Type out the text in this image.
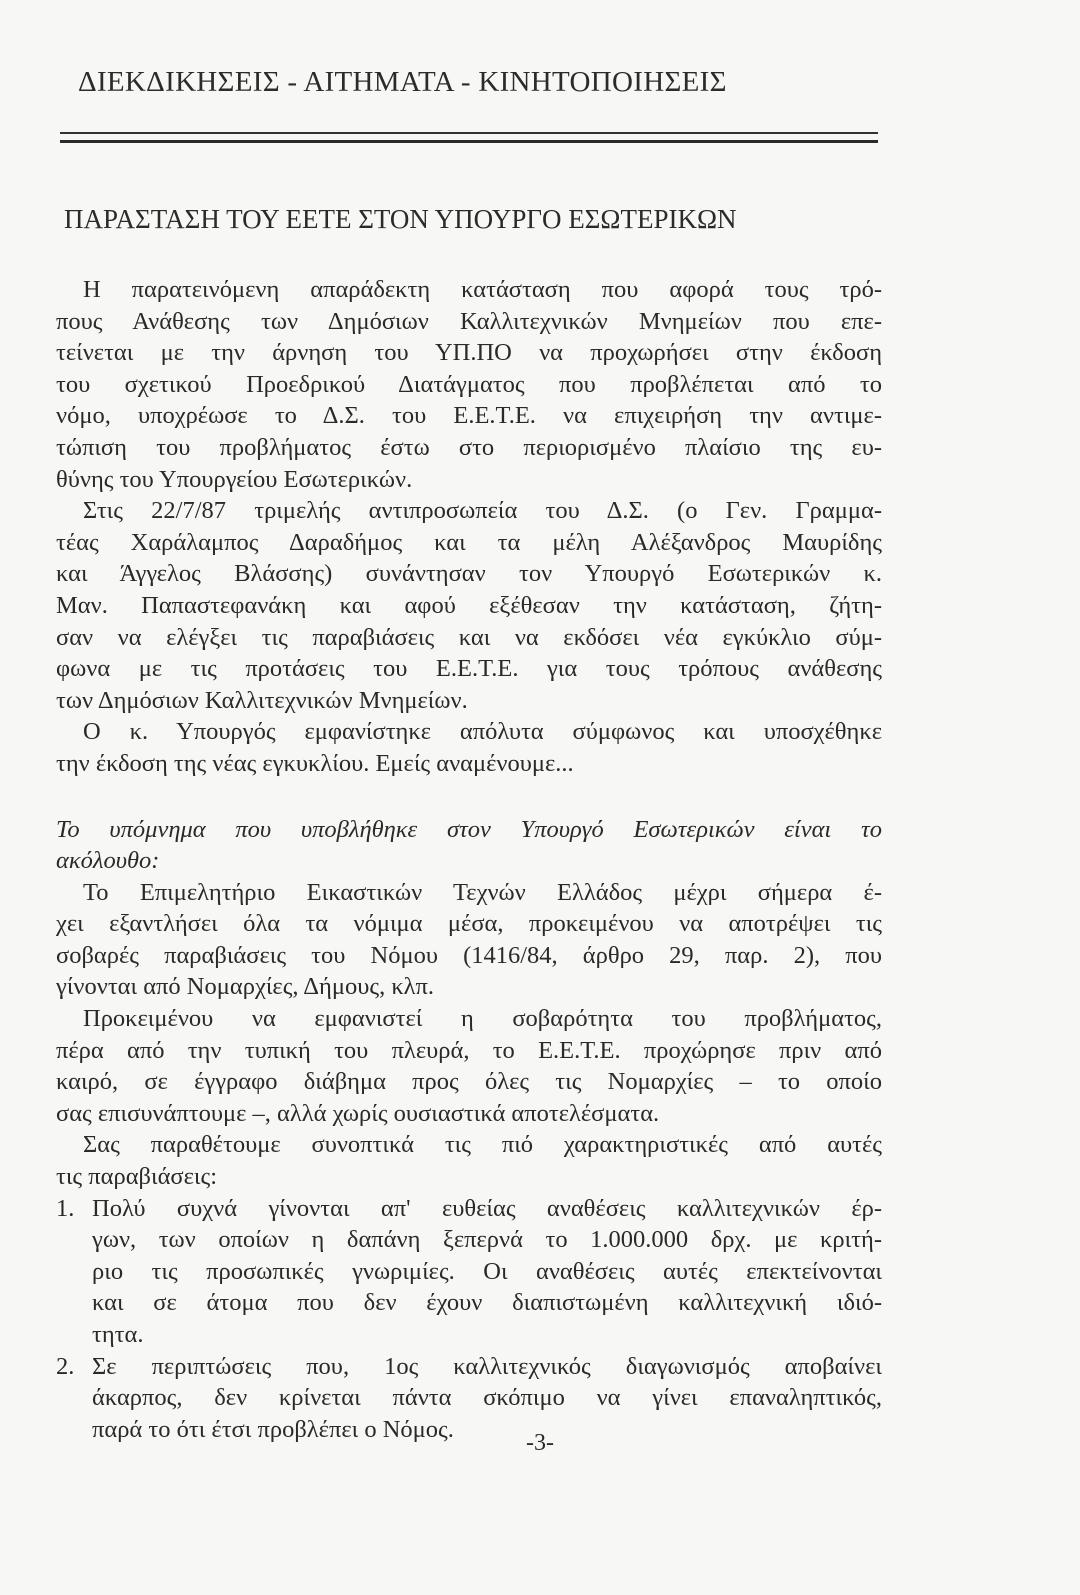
ΔΙΕΚΔΙΚΗΣΕΙΣ - ΑΙΤΗΜΑΤΑ - ΚΙΝΗΤΟΠΟΙΗΣΕΙΣ
ΠΑΡΑΣΤΑΣΗ ΤΟΥ ΕΕΤΕ ΣΤΟΝ ΥΠΟΥΡΓΟ ΕΣΩΤΕΡΙΚΩΝ
Η παρατεινόμενη απαράδεκτη κατάσταση που αφορά τους τρό-
πους Ανάθεσης των Δημόσιων Καλλιτεχνικών Μνημείων που επε-
τείνεται με την άρνηση του ΥΠ.ΠΟ να προχωρήσει στην έκδοση
του σχετικού Προεδρικού Διατάγματος που προβλέπεται από το
νόμο, υποχρέωσε το Δ.Σ. του Ε.Ε.Τ.Ε. να επιχειρήση την αντιμε-
τώπιση του προβλήματος έστω στο περιορισμένο πλαίσιο της ευ-
θύνης του Υπουργείου Εσωτερικών.
Στις 22/7/87 τριμελής αντιπροσωπεία του Δ.Σ. (ο Γεν. Γραμμα-
τέας Χαράλαμπος Δαραδήμος και τα μέλη Αλέξανδρος Μαυρίδης
και Άγγελος Βλάσσης) συνάντησαν τον Υπουργό Εσωτερικών κ.
Μαν. Παπαστεφανάκη και αφού εξέθεσαν την κατάσταση, ζήτη-
σαν να ελέγξει τις παραβιάσεις και να εκδόσει νέα εγκύκλιο σύμ-
φωνα με τις προτάσεις του Ε.Ε.Τ.Ε. για τους τρόπους ανάθεσης
των Δημόσιων Καλλιτεχνικών Μνημείων.
Ο κ. Υπουργός εμφανίστηκε απόλυτα σύμφωνος και υποσχέθηκε
την έκδοση της νέας εγκυκλίου. Εμείς αναμένουμε...
Το υπόμνημα που υποβλήθηκε στον Υπουργό Εσωτερικών είναι το
ακόλουθο:
Το Επιμελητήριο Εικαστικών Τεχνών Ελλάδος μέχρι σήμερα έ-
χει εξαντλήσει όλα τα νόμιμα μέσα, προκειμένου να αποτρέψει τις
σοβαρές παραβιάσεις του Νόμου (1416/84, άρθρο 29, παρ. 2), που
γίνονται από Νομαρχίες, Δήμους, κλπ.
Προκειμένου να εμφανιστεί η σοβαρότητα του προβλήματος,
πέρα από την τυπική του πλευρά, το Ε.Ε.Τ.Ε. προχώρησε πριν από
καιρό, σε έγγραφο διάβημα προς όλες τις Νομαρχίες – το οποίο
σας επισυνάπτουμε –, αλλά χωρίς ουσιαστικά αποτελέσματα.
Σας παραθέτουμε συνοπτικά τις πιό χαρακτηριστικές από αυτές
τις παραβιάσεις:
1. Πολύ συχνά γίνονται απ' ευθείας αναθέσεις καλλιτεχνικών έρ-
γων, των οποίων η δαπάνη ξεπερνά το 1.000.000 δρχ. με κριτή-
ριο τις προσωπικές γνωριμίες. Οι αναθέσεις αυτές επεκτείνονται
και σε άτομα που δεν έχουν διαπιστωμένη καλλιτεχνική ιδιό-
τητα.
2. Σε περιπτώσεις που, 1ος καλλιτεχνικός διαγωνισμός αποβαίνει
άκαρπος, δεν κρίνεται πάντα σκόπιμο να γίνει επαναληπτικός,
παρά το ότι έτσι προβλέπει ο Νόμος.
-3-
